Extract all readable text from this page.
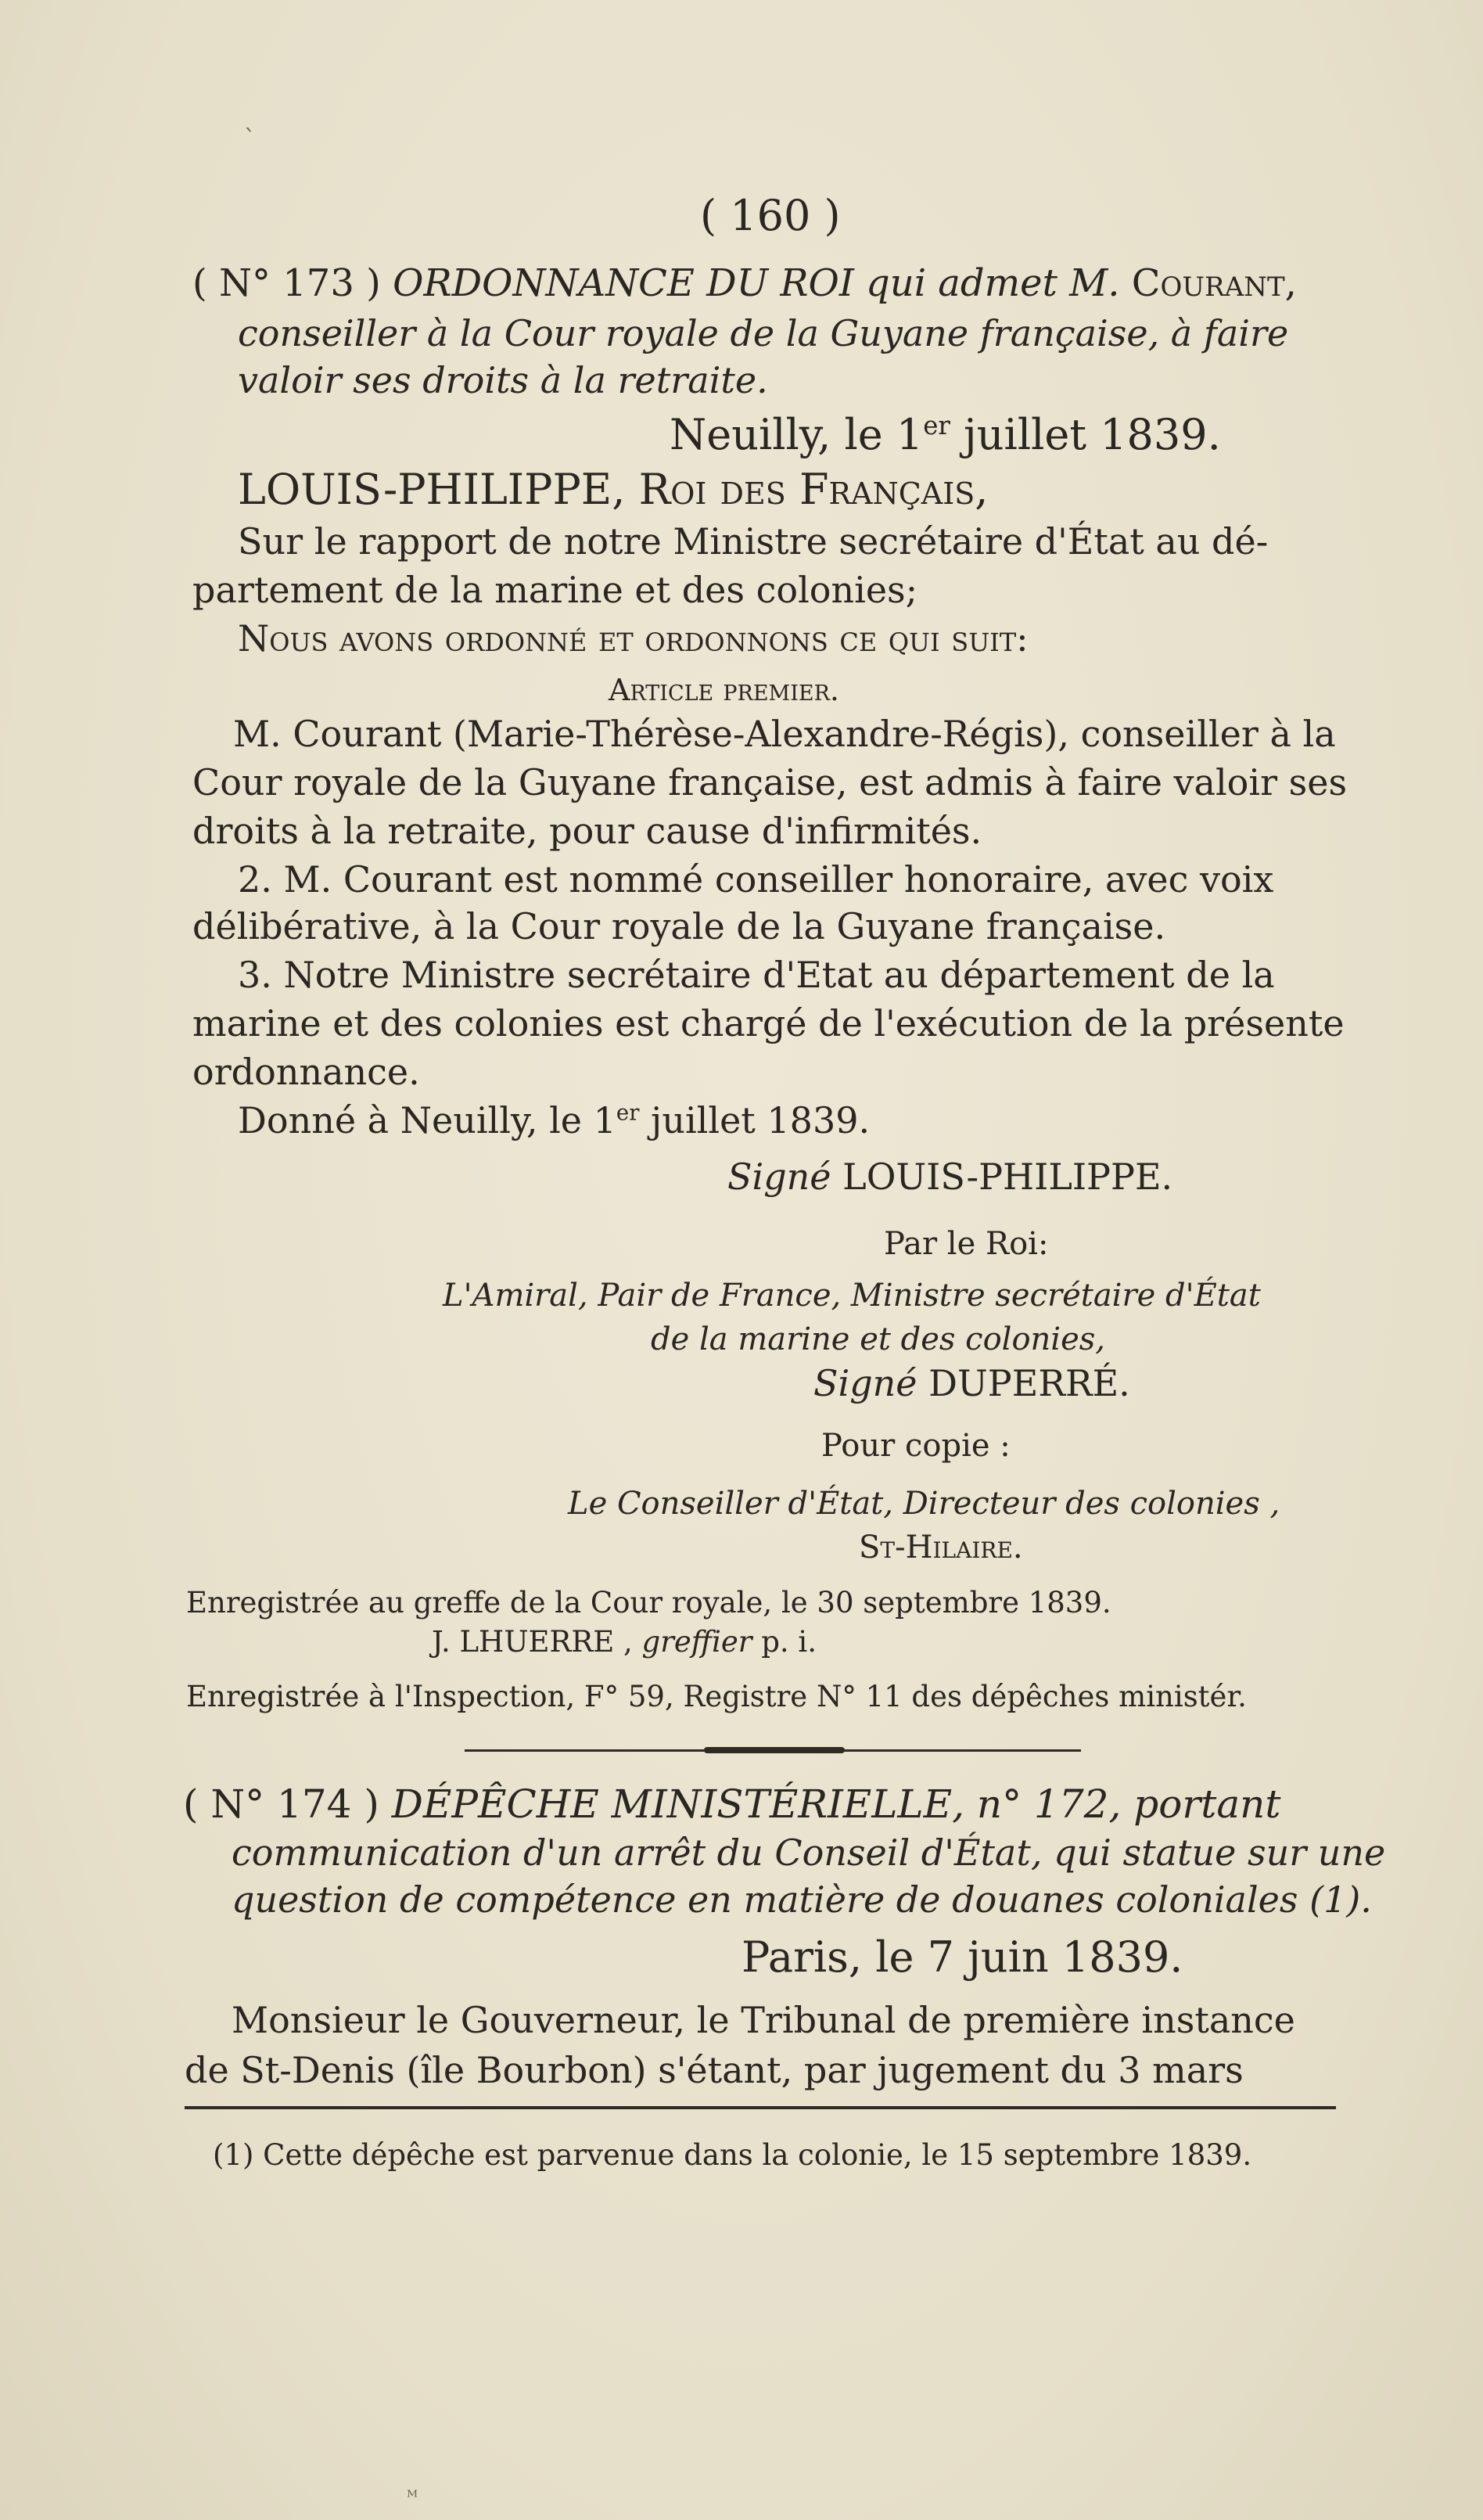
ˋ
( 160 )
( N° 173 ) ORDONNANCE DU ROI qui admet M. Courant,
conseiller à la Cour royale de la Guyane française, à faire
valoir ses droits à la retraite.
Neuilly, le 1er juillet 1839.
LOUIS-PHILIPPE, Roi des Français,
Sur le rapport de notre Ministre secrétaire d'État au dé-
partement de la marine et des colonies;
Nous avons ordonné et ordonnons ce qui suit:
Article premier.
M. Courant (Marie-Thérèse-Alexandre-Régis), conseiller à la
Cour royale de la Guyane française, est admis à faire valoir ses
droits à la retraite, pour cause d'infirmités.
2. M. Courant est nommé conseiller honoraire, avec voix
délibérative, à la Cour royale de la Guyane française.
3. Notre Ministre secrétaire d'Etat au département de la
marine et des colonies est chargé de l'exécution de la présente
ordonnance.
Donné à Neuilly, le 1er juillet 1839.
Signé LOUIS-PHILIPPE.
Par le Roi:
L'Amiral, Pair de France, Ministre secrétaire d'État
de la marine et des colonies,
Signé DUPERRÉ.
Pour copie :
Le Conseiller d'État, Directeur des colonies ,
St-Hilaire.
Enregistrée au greffe de la Cour royale, le 30 septembre 1839.
J. LHUERRE , greffier p. i.
Enregistrée à l'Inspection, F° 59, Registre N° 11 des dépêches ministér.
( N° 174 ) DÉPÊCHE MINISTÉRIELLE, n° 172, portant
communication d'un arrêt du Conseil d'État, qui statue sur une
question de compétence en matière de douanes coloniales (1).
Paris, le 7 juin 1839.
Monsieur le Gouverneur, le Tribunal de première instance
de St-Denis (île Bourbon) s'étant, par jugement du 3 mars
(1) Cette dépêche est parvenue dans la colonie, le 15 septembre 1839.
ᴹ
